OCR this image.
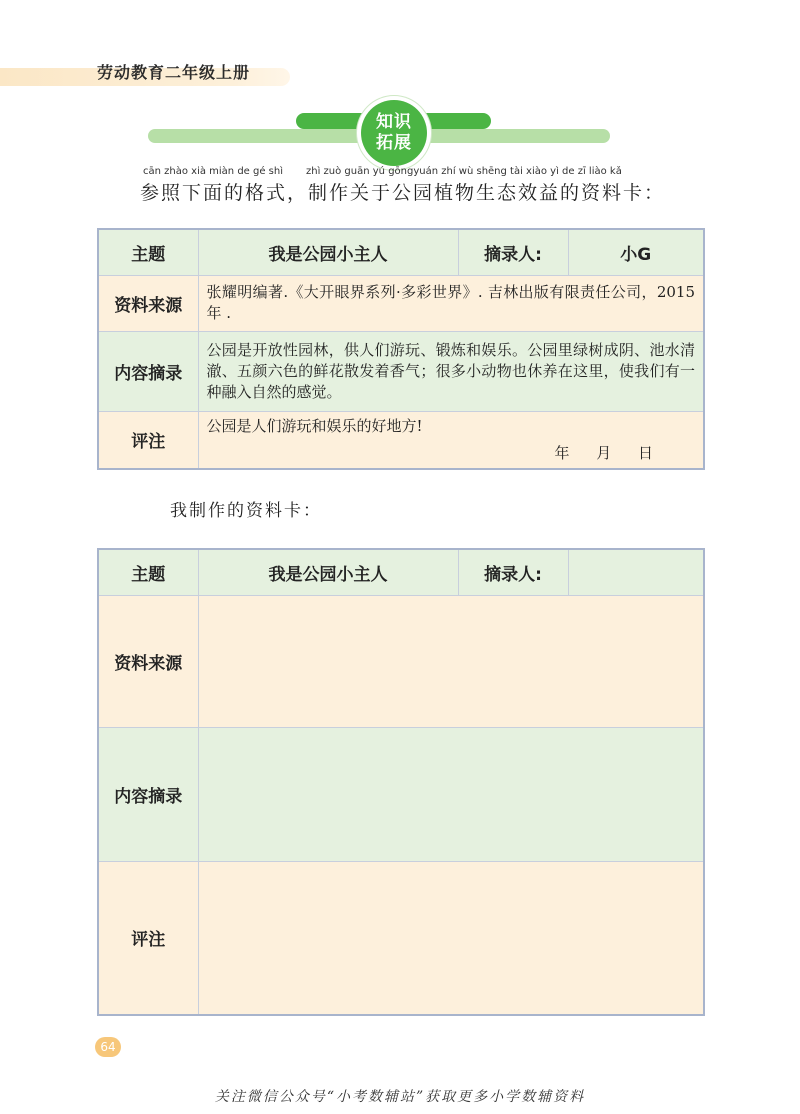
劳动教育二年级上册
知识
拓展
cān zhào xià miàn de gé shì zhì zuò guān yú gōngyuán zhí wù shēng tài xiào yì de zī liào kǎ
参照下面的格式，制作关于公园植物生态效益的资料卡：
主题	我是公园小主人	摘录人:	小G
资料来源	张耀明编著.《大开眼界系列·多彩世界》. 吉林出版有限责任公司，2015 年 .		
内容摘录	公园是开放性园林，供人们游玩、锻炼和娱乐。公园里绿树成阴、池水清澈、五颜六色的鲜花散发着香气；很多小动物也休养在这里，使我们有一种融入自然的感觉。		
评注	公园是人们游玩和娱乐的好地方!
年 月 日		
我制作的资料卡：
主题	我是公园小主人	摘录人:	
资料来源			
内容摘录			
评注			
64
关注微信公众号“小考数辅站”获取更多小学数辅资料
